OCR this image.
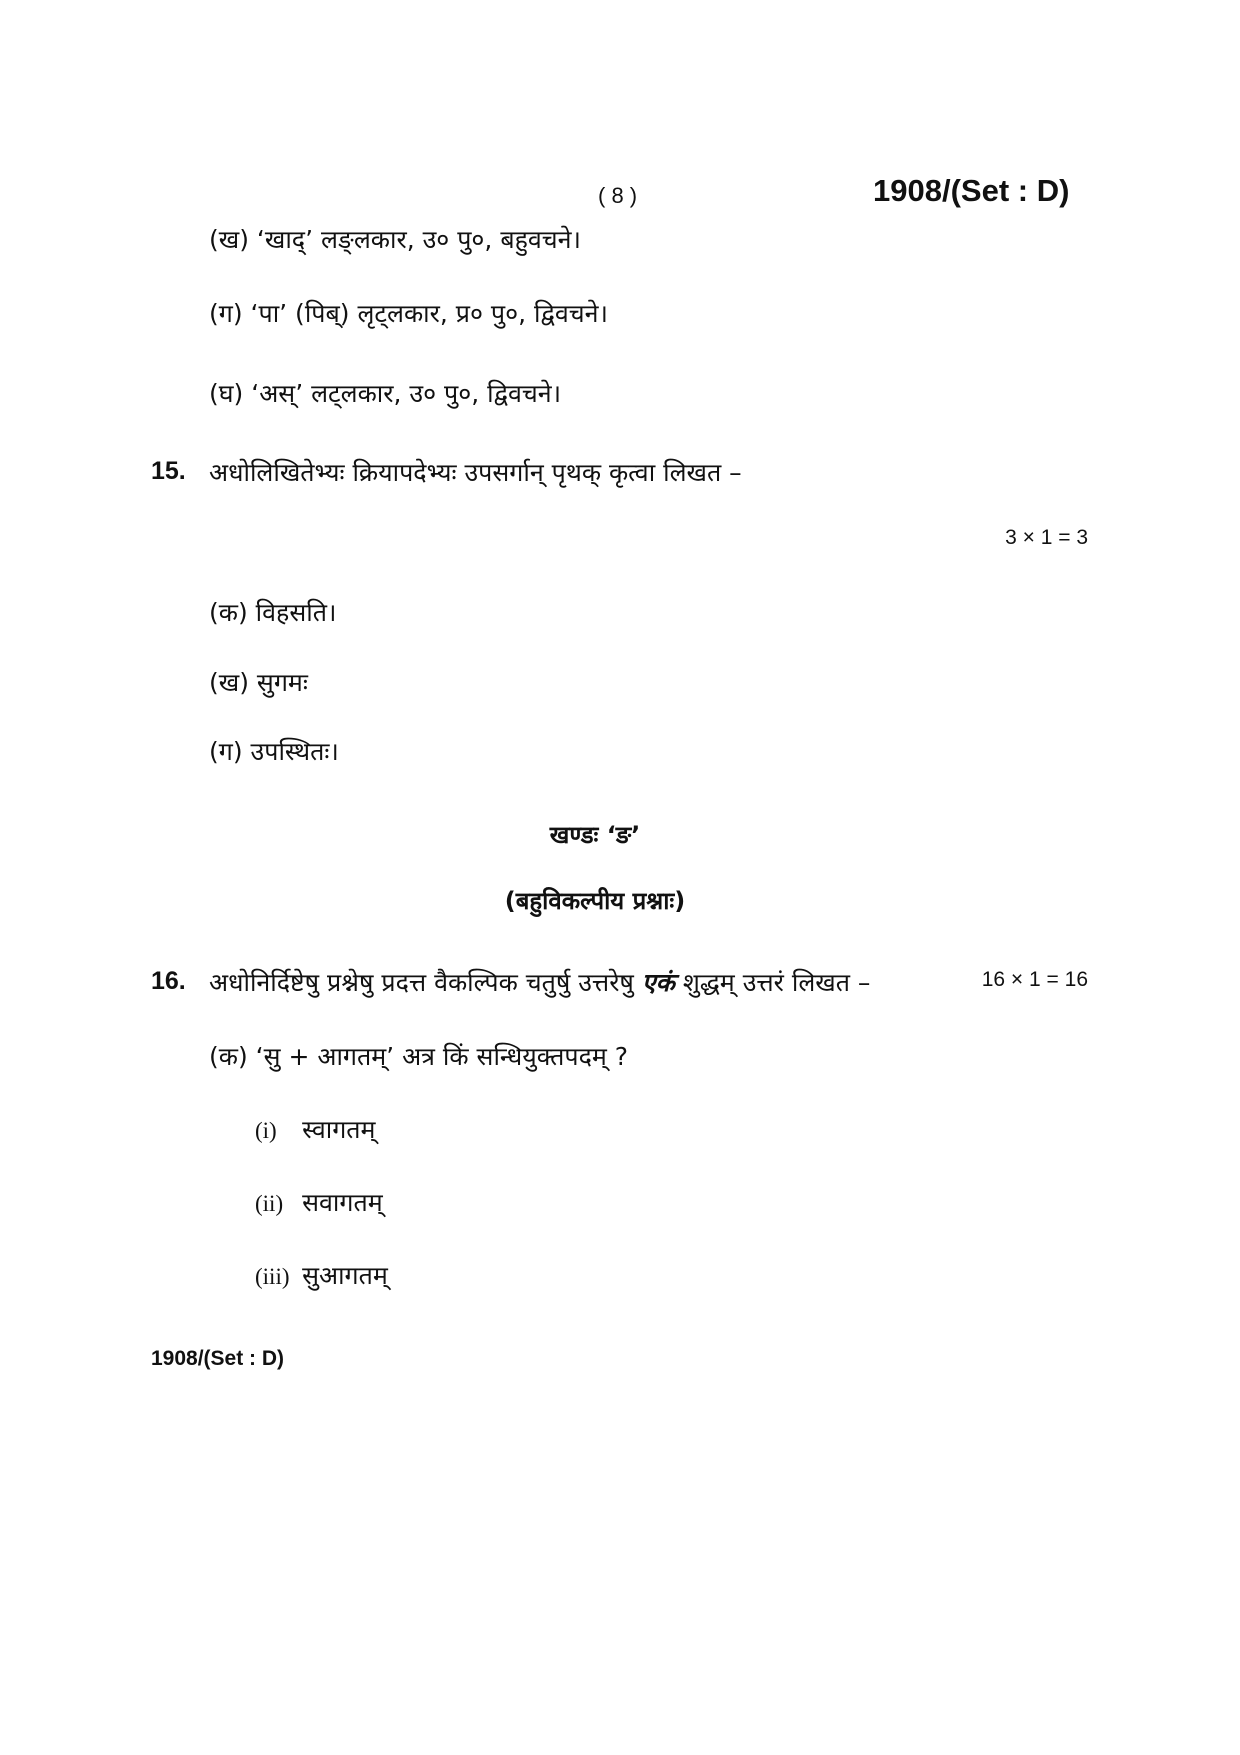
( 8 )	1908/(Set : D)
(ख) ‘खाद्’ लङ्लकार, उ० पु०, बहुवचने।
(ग) ‘पा’ (पिब्) लृट्लकार, प्र० पु०, द्विवचने।
(घ) ‘अस्’ लट्लकार, उ० पु०, द्विवचने।
15. अधोलिखितेभ्यः क्रियापदेभ्यः उपसर्गान् पृथक् कृत्वा लिखत –
3 × 1 = 3
(क) विहसति।
(ख) सुगमः
(ग) उपस्थितः।
खण्डः ‘ङ’
(बहुविकल्पीय प्रश्नाः)
16. अधोनिर्दिष्टेषु प्रश्नेषु प्रदत्त वैकल्पिक चतुर्षु उत्तरेषु एकं शुद्धम् उत्तरं लिखत –	16 × 1 = 16
(क) ‘सु + आगतम्’ अत्र किं सन्धियुक्तपदम् ?
(i) स्वागतम्
(ii) सवागतम्
(iii) सुआगतम्
1908/(Set : D)
